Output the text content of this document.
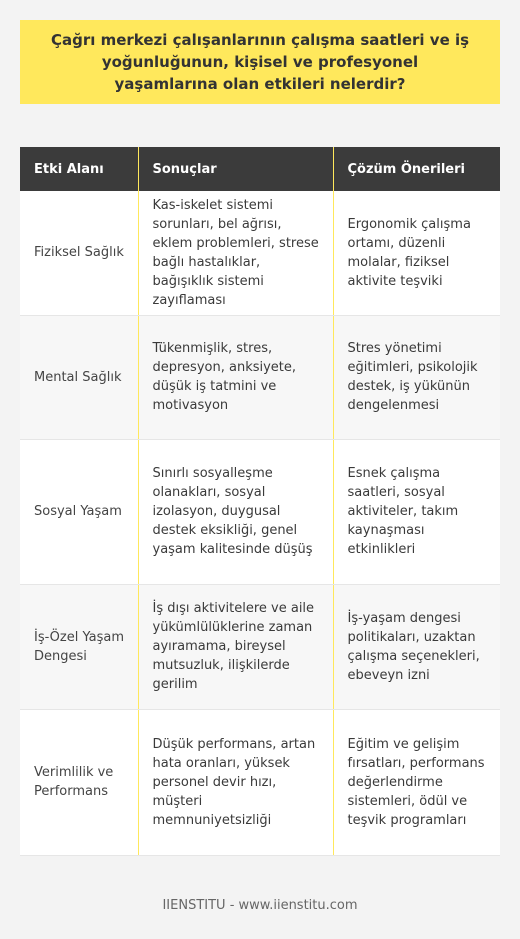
Çağrı merkezi çalışanlarının çalışma saatleri ve iş yoğunluğunun, kişisel ve profesyonel yaşamlarına olan etkileri nelerdir?
Etki Alanı	Sonuçlar	Çözüm Önerileri
Fiziksel Sağlık	Kas-iskelet sistemi sorunları, bel ağrısı, eklem problemleri, strese bağlı hastalıklar, bağışıklık sistemi zayıflaması	Ergonomik çalışma ortamı, düzenli molalar, fiziksel aktivite teşviki
Mental Sağlık	Tükenmişlik, stres, depresyon, anksiyete, düşük iş tatmini ve motivasyon	Stres yönetimi eğitimleri, psikolojik destek, iş yükünün dengelenmesi
Sosyal Yaşam	Sınırlı sosyalleşme olanakları, sosyal izolasyon, duygusal destek eksikliği, genel yaşam kalitesinde düşüş	Esnek çalışma saatleri, sosyal aktiviteler, takım kaynaşması etkinlikleri
İş-Özel Yaşam Dengesi	İş dışı aktivitelere ve aile yükümlülüklerine zaman ayıramama, bireysel mutsuzluk, ilişkilerde gerilim	İş-yaşam dengesi politikaları, uzaktan çalışma seçenekleri, ebeveyn izni
Verimlilik ve Performans	Düşük performans, artan hata oranları, yüksek personel devir hızı, müşteri memnuniyetsizliği	Eğitim ve gelişim fırsatları, performans değerlendirme sistemleri, ödül ve teşvik programları
IIENSTITU - www.iienstitu.com
